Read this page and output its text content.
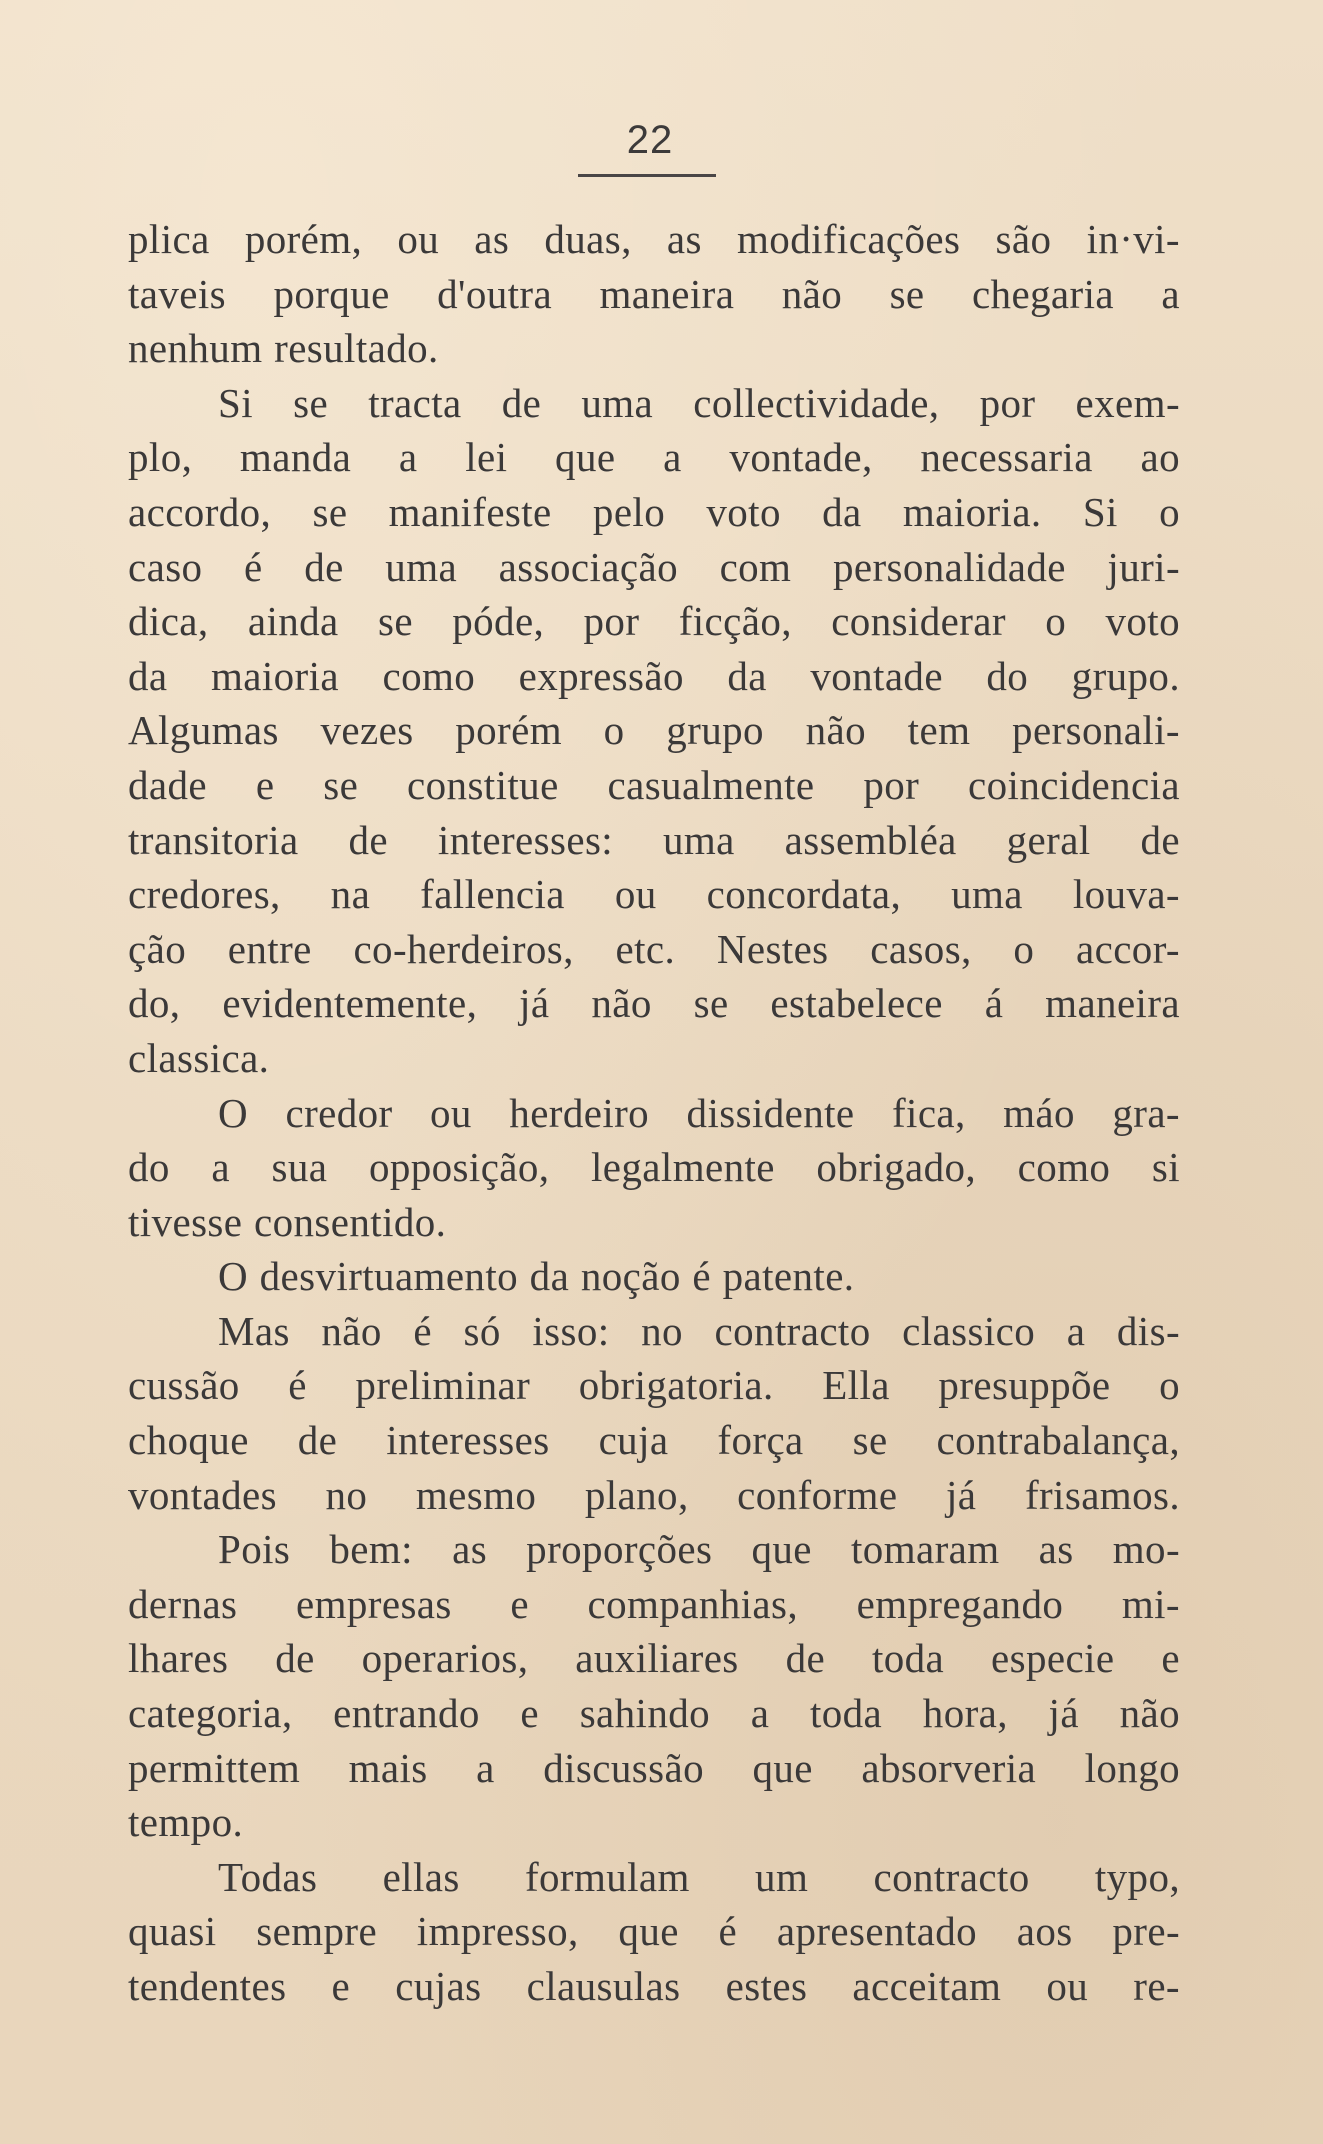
22
plica porém, ou as duas, as modificações são in·vi-
taveis porque d'outra maneira não se chegaria a
nenhum resultado.
Si se tracta de uma collectividade, por exem-
plo, manda a lei que a vontade, necessaria ao
accordo, se manifeste pelo voto da maioria. Si o
caso é de uma associação com personalidade juri-
dica, ainda se póde, por ficção, considerar o voto
da maioria como expressão da vontade do grupo.
Algumas vezes porém o grupo não tem personali-
dade e se constitue casualmente por coincidencia
transitoria de interesses: uma assembléa geral de
credores, na fallencia ou concordata, uma louva-
ção entre co-herdeiros, etc. Nestes casos, o accor-
do, evidentemente, já não se estabelece á maneira
classica.
O credor ou herdeiro dissidente fica, máo gra-
do a sua opposição, legalmente obrigado, como si
tivesse consentido.
O desvirtuamento da noção é patente.
Mas não é só isso: no contracto classico a dis-
cussão é preliminar obrigatoria. Ella presuppõe o
choque de interesses cuja força se contrabalança,
vontades no mesmo plano, conforme já frisamos.
Pois bem: as proporções que tomaram as mo-
dernas empresas e companhias, empregando mi-
lhares de operarios, auxiliares de toda especie e
categoria, entrando e sahindo a toda hora, já não
permittem mais a discussão que absorveria longo
tempo.
Todas ellas formulam um contracto typo,
quasi sempre impresso, que é apresentado aos pre-
tendentes e cujas clausulas estes acceitam ou re-
